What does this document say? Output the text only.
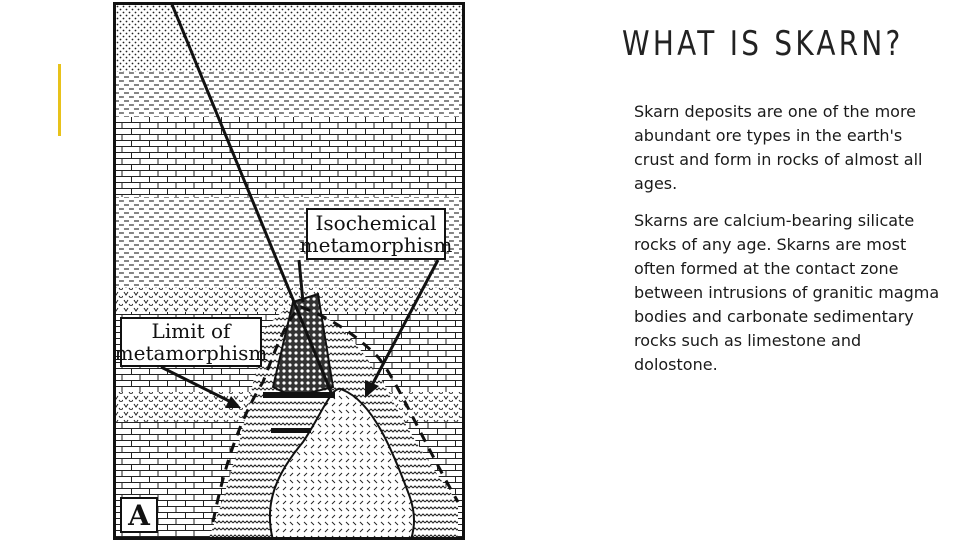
Isochemical
metamorphism
Limit of
metamorphism
A
WHAT IS SKARN?

Skarn deposits are one of the more abundant ore types in the earth's crust and form in rocks of almost all ages.

Skarns are calcium-bearing silicate rocks of any age. Skarns are most often formed at the contact zone between intrusions of granitic magma bodies and carbonate sedimentary rocks such as limestone and dolostone.
